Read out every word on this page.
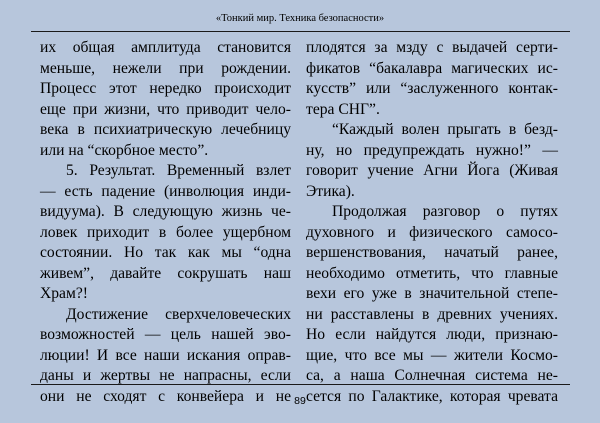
«Тонкий мир. Техника безопасности»
их общая амплитуда становится
меньше, нежели при рождении.
Процесс этот нередко происходит
еще при жизни, что приводит чело-
века в психиатрическую лечебницу
или на “скорбное место”.
5. Результат. Временный взлет
— есть падение (инволюция инди-
видуума). В следующую жизнь че-
ловек приходит в более ущербном
состоянии. Но так как мы “одна
живем”, давайте сокрушать наш
Храм?!
Достижение сверхчеловеческих
возможностей — цель нашей эво-
люции! И все наши искания оправ-
даны и жертвы не напрасны, если
они не сходят с конвейера и не
плодятся за мзду с выдачей серти-
фикатов “бакалавра магических ис-
кусств” или “заслуженного контак-
тера СНГ”.
“Каждый волен прыгать в безд-
ну, но предупреждать нужно!” —
говорит учение Агни Йога (Живая
Этика).
Продолжая разговор о путях
духовного и физического самосо-
вершенствования, начатый ранее,
необходимо отметить, что главные
вехи его уже в значительной степе-
ни расставлены в древних учениях.
Но если найдутся люди, признаю-
щие, что все мы — жители Космо-
са, а наша Солнечная система не-
сется по Галактике, которая чревата
89
